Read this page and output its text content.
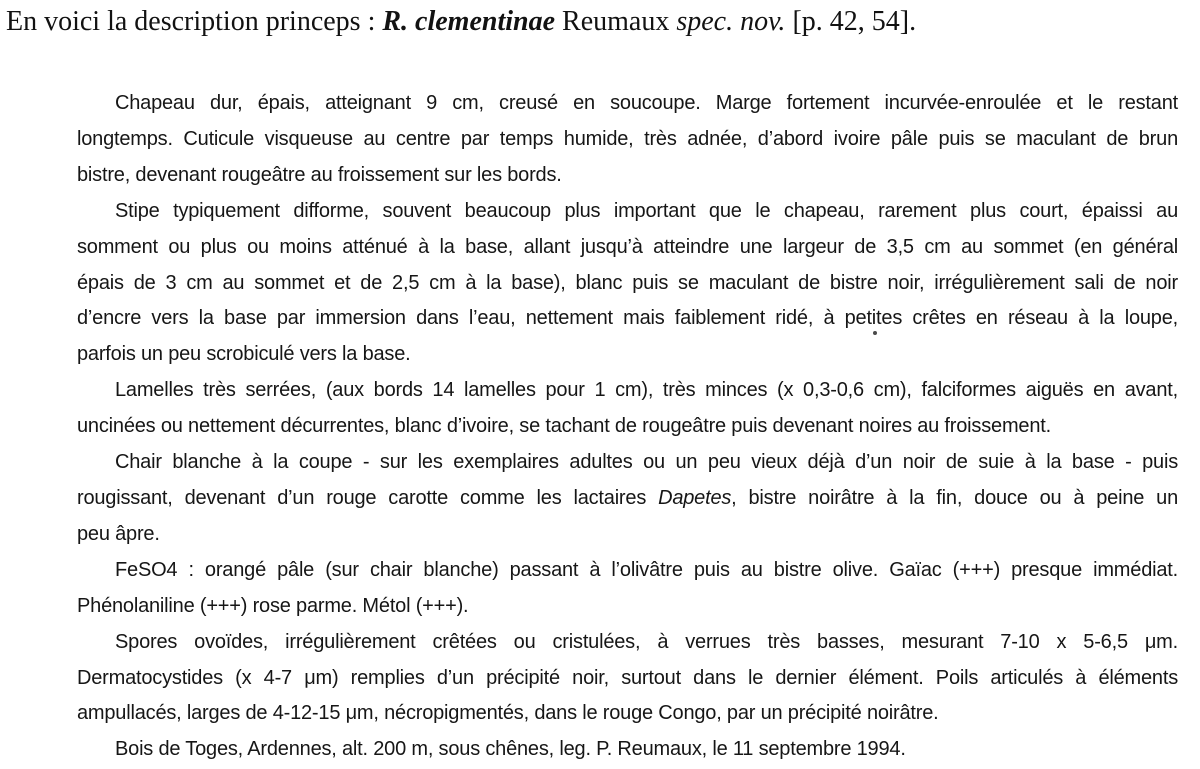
En voici la description princeps : R. clementinae Reumaux spec. nov. [p. 42, 54].
Chapeau dur, épais, atteignant 9 cm, creusé en soucoupe. Marge fortement incurvée-enroulée et le restant
longtemps. Cuticule visqueuse au centre par temps humide, très adnée, d’abord ivoire pâle puis se maculant de brun
bistre, devenant rougeâtre au froissement sur les bords.
Stipe typiquement difforme, souvent beaucoup plus important que le chapeau, rarement plus court, épaissi au
somment ou plus ou moins atténué à la base, allant jusqu’à atteindre une largeur de 3,5 cm au sommet (en général
épais de 3 cm au sommet et de 2,5 cm à la base), blanc puis se maculant de bistre noir, irrégulièrement sali de noir
d’encre vers la base par immersion dans l’eau, nettement mais faiblement ridé, à petites crêtes en réseau à la loupe,
parfois un peu scrobiculé vers la base.
Lamelles très serrées, (aux bords 14 lamelles pour 1 cm), très minces (x 0,3-0,6 cm), falciformes aiguës en avant,
uncinées ou nettement décurrentes, blanc d’ivoire, se tachant de rougeâtre puis devenant noires au froissement.
Chair blanche à la coupe - sur les exemplaires adultes ou un peu vieux déjà d’un noir de suie à la base - puis
rougissant, devenant d’un rouge carotte comme les lactaires Dapetes, bistre noirâtre à la fin, douce ou à peine un
peu âpre.
FeSO4 : orangé pâle (sur chair blanche) passant à l’olivâtre puis au bistre olive. Gaïac (+++) presque immédiat.
Phénolaniline (+++) rose parme. Métol (+++).
Spores ovoïdes, irrégulièrement crêtées ou cristulées, à verrues très basses, mesurant 7-10 x 5-6,5 μm.
Dermatocystides (x 4-7 μm) remplies d’un précipité noir, surtout dans le dernier élément. Poils articulés à éléments
ampullacés, larges de 4-12-15 μm, nécropigmentés, dans le rouge Congo, par un précipité noirâtre.
Bois de Toges, Ardennes, alt. 200 m, sous chênes, leg. P. Reumaux, le 11 septembre 1994.
